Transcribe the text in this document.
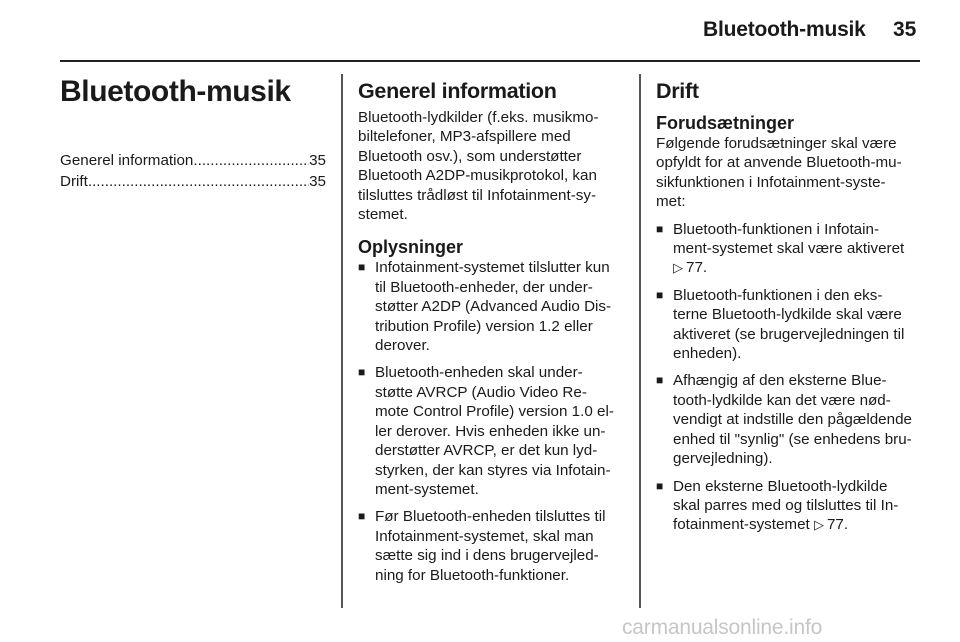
Bluetooth-musik 35
Bluetooth-musik
Generel information .....	35
Drift .....	35
Generel information

Bluetooth-lydkilder (f.eks. musikmo-
biltelefoner, MP3-afspillere med
Bluetooth osv.), som understøtter
Bluetooth A2DP-musikprotokol, kan
tilsluttes trådløst til Infotainment-sy-
stemet.

Oplysninger
■ Infotainment-systemet tilslutter kun
til Bluetooth-enheder, der under-
støtter A2DP (Advanced Audio Dis-
tribution Profile) version 1.2 eller
derover.
■ Bluetooth-enheden skal under-
støtte AVRCP (Audio Video Re-
mote Control Profile) version 1.0 el-
ler derover. Hvis enheden ikke un-
derstøtter AVRCP, er det kun lyd-
styrken, der kan styres via Infotain-
ment-systemet.
■ Før Bluetooth-enheden tilsluttes til
Infotainment-systemet, skal man
sætte sig ind i dens brugervejled-
ning for Bluetooth-funktioner.
Drift
Forudsætninger

Følgende forudsætninger skal være
opfyldt for at anvende Bluetooth-mu-
sikfunktionen i Infotainment-syste-
met:

■ Bluetooth-funktionen i Infotain-
ment-systemet skal være aktiveret
▷ 77.
■ Bluetooth-funktionen i den eks-
terne Bluetooth-lydkilde skal være
aktiveret (se brugervejledningen til
enheden).
■ Afhængig af den eksterne Blue-
tooth-lydkilde kan det være nød-
vendigt at indstille den pågældende
enhed til "synlig" (se enhedens bru-
gervejledning).
■ Den eksterne Bluetooth-lydkilde
skal parres med og tilsluttes til In-
fotainment-systemet ▷ 77.
carmanualsonline.info
